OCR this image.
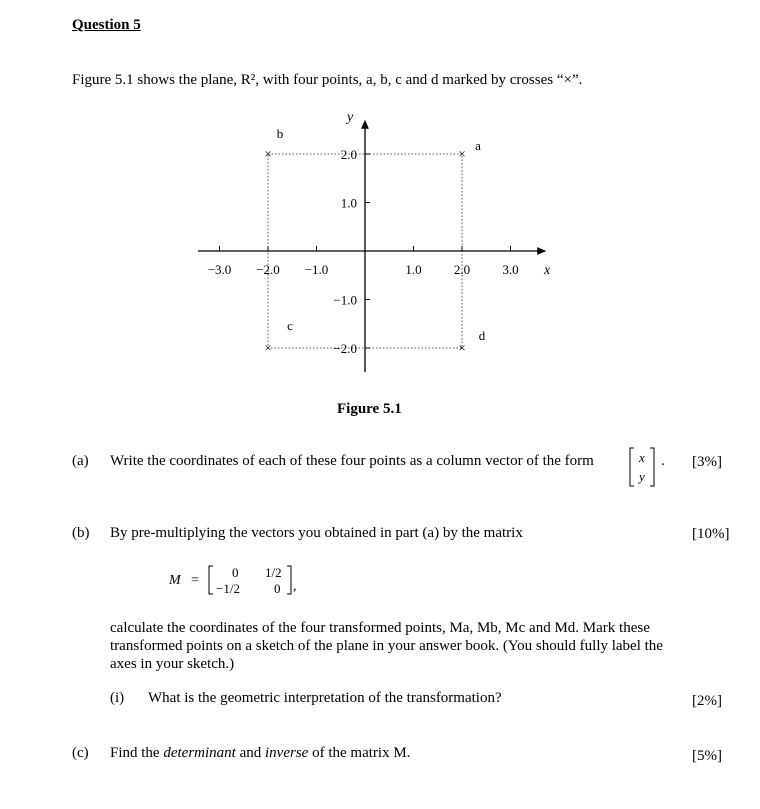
Question 5
Figure 5.1 shows the plane, R², with four points, a, b, c and d marked by crosses “×”.
−3.0 −2.0 −1.0	1.0 2.0 3.0
2.0
1.0
−1.0
−2.0
x
y
×
a
×
b
×
c
×
d
Figure 5.1
(a) Write the coordinates of each of these four points as a column vector of the form	x
y
. [3%]
(b) By pre-multiplying the vectors you obtained in part (a) by the matrix	[10%]
M =
0 1/2
−1/2	0 ,
calculate the coordinates of the four transformed points, Ma, Mb, Mc and Md. Mark these transformed points on a sketch of the plane in your answer book. (You should fully label the axes in your sketch.)
(i) What is the geometric interpretation of the transformation?	[2%]
(c) Find the determinant and inverse of the matrix M.	[5%]
